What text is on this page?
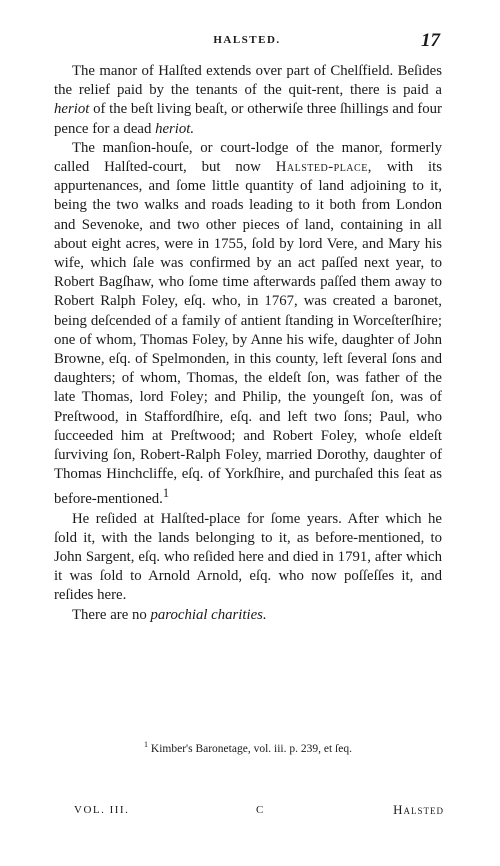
HALSTED.	17

The manor of Halſted extends over part of Chelſfield. Beſides the relief paid by the tenants of the quit-rent, there is paid a heriot of the beſt living beaſt, or otherwiſe three ſhillings and four pence for a dead heriot.

The manſion-houſe, or court-lodge of the manor, formerly called Halſted-court, but now Halsted-place, with its appurtenances, and ſome little quantity of land adjoining to it, being the two walks and roads leading to it both from London and Sevenoke, and two other pieces of land, containing in all about eight acres, were in 1755, ſold by lord Vere, and Mary his wife, which ſale was confirmed by an act paſſed next year, to Robert Bagſhaw, who ſome time afterwards paſſed them away to Robert Ralph Foley, eſq. who, in 1767, was created a baronet, being deſcended of a family of antient ſtanding in Worceſterſhire; one of whom, Thomas Foley, by Anne his wife, daughter of John Browne, eſq. of Spelmonden, in this county, left ſeveral ſons and daughters; of whom, Thomas, the eldeſt ſon, was father of the late Thomas, lord Foley; and Philip, the youngeſt ſon, was of Preſtwood, in Staffordſhire, eſq. and left two ſons; Paul, who ſucceeded him at Preſtwood; and Robert Foley, whoſe eldeſt ſurviving ſon, Robert-Ralph Foley, married Dorothy, daughter of Thomas Hinchcliffe, eſq. of Yorkſhire, and purchaſed this ſeat as before-mentioned.$^1$

He reſided at Halſted-place for ſome years. After which he ſold it, with the lands belonging to it, as before-mentioned, to John Sargent, eſq. who reſided here and died in 1791, after which it was ſold to Arnold Arnold, eſq. who now poſſeſſes it, and reſides here.

There are no parochial charities.

$^1$ Kimber's Baronetage, vol. iii. p. 239, et ſeq.
VOL. III.	C	Halsted
